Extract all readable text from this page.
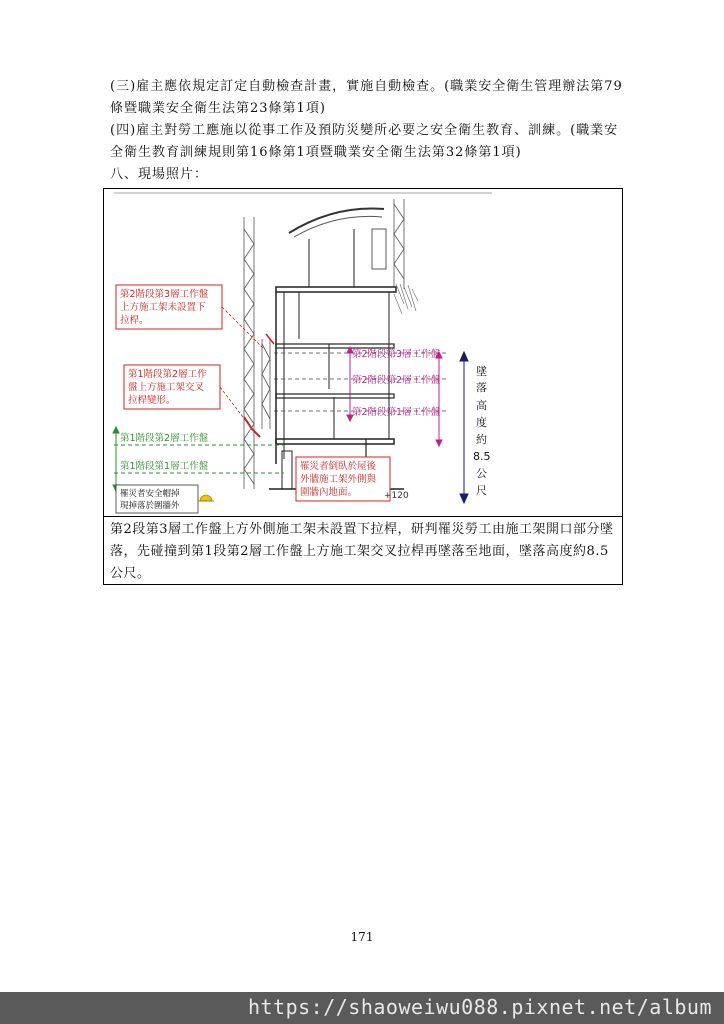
(三)雇主應依規定訂定自動檢查計畫，實施自動檢查。(職業安全衛生管理辦法第79條暨職業安全衛生法第23條第1項)
(四)雇主對勞工應施以從事工作及預防災變所必要之安全衛生教育、訓練。(職業安全衛生教育訓練規則第16條第1項暨職業安全衛生法第32條第1項)
八、現場照片：
墜
落
高
度
約
8.5
公
尺
第2階段第3層工作盤
第2階段第2層工作盤
第2階段第1層工作盤
第1階段第2層工作盤
第1階段第1層工作盤
第2階段第3層工作盤
上方施工架未設置下
拉桿。
第1階段第2層工作
盤上方施工架交叉
拉桿變形。
罹災者倒臥於屋後
外牆施工架外側與
圍牆內地面。	+120
罹災者安全帽掉
現掉落於圍牆外
第2段第3層工作盤上方外側施工架未設置下拉桿，研判罹災勞工由施工架開口部分墜落，先碰撞到第1段第2層工作盤上方施工架交叉拉桿再墜落至地面，墜落高度約8.5公尺。
171
https://shaoweiwu088.pixnet.net/album
